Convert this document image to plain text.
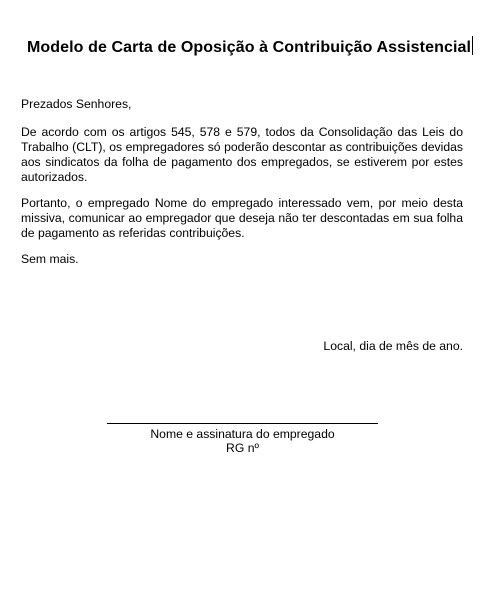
Modelo de Carta de Oposição à Contribuição Assistencial
Prezados Senhores,
De acordo com os artigos 545, 578 e 579, todos da Consolidação das Leis do Trabalho (CLT), os empregadores só poderão descontar as contribuições devidas aos sindicatos da folha de pagamento dos empregados, se estiverem por estes autorizados.
Portanto, o empregado Nome do empregado interessado vem, por meio desta missiva, comunicar ao empregador que deseja não ter descontadas em sua folha de pagamento as referidas contribuições.
Sem mais.
Local, dia de mês de ano.
Nome e assinatura do empregado
RG nº
